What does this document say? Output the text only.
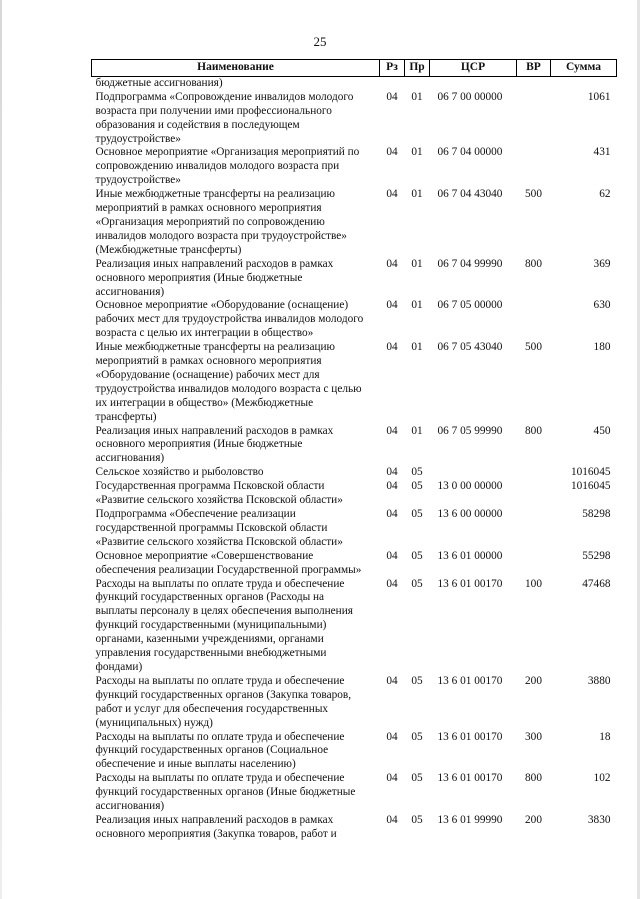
25
Наименование	Рз	Пр	ЦСР	ВР	Сумма
бюджетные ассигнования)					
Подпрограмма «Сопровождение инвалидов молодого возраста при получении ими профессионального образования и содействия в последующем трудоустройстве»	04	01	06 7 00 00000		1061
Основное мероприятие «Организация мероприятий по сопровождению инвалидов молодого возраста при трудоустройстве»	04	01	06 7 04 00000		431
Иные межбюджетные трансферты на реализацию мероприятий в рамках основного мероприятия «Организация мероприятий по сопровождению инвалидов молодого возраста при трудоустройстве» (Межбюджетные трансферты)	04	01	06 7 04 43040	500	62
Реализация иных направлений расходов в рамках основного мероприятия (Иные бюджетные ассигнования)	04	01	06 7 04 99990	800	369
Основное мероприятие «Оборудование (оснащение) рабочих мест для трудоустройства инвалидов молодого возраста с целью их интеграции в общество»	04	01	06 7 05 00000		630
Иные межбюджетные трансферты на реализацию мероприятий в рамках основного мероприятия «Оборудование (оснащение) рабочих мест для трудоустройства инвалидов молодого возраста с целью их интеграции в общество» (Межбюджетные трансферты)	04	01	06 7 05 43040	500	180
Реализация иных направлений расходов в рамках основного мероприятия (Иные бюджетные ассигнования)	04	01	06 7 05 99990	800	450
Сельское хозяйство и рыболовство	04	05			1016045
Государственная программа Псковской области «Развитие сельского хозяйства Псковской области»	04	05	13 0 00 00000		1016045
Подпрограмма «Обеспечение реализации государственной программы Псковской области «Развитие сельского хозяйства Псковской области»	04	05	13 6 00 00000		58298
Основное мероприятие «Совершенствование обеспечения реализации Государственной программы»	04	05	13 6 01 00000		55298
Расходы на выплаты по оплате труда и обеспечение функций государственных органов (Расходы на выплаты персоналу в целях обеспечения выполнения функций государственными (муниципальными) органами, казенными учреждениями, органами управления государственными внебюджетными фондами)	04	05	13 6 01 00170	100	47468
Расходы на выплаты по оплате труда и обеспечение функций государственных органов (Закупка товаров, работ и услуг для обеспечения государственных (муниципальных) нужд)	04	05	13 6 01 00170	200	3880
Расходы на выплаты по оплате труда и обеспечение функций государственных органов (Социальное обеспечение и иные выплаты населению)	04	05	13 6 01 00170	300	18
Расходы на выплаты по оплате труда и обеспечение функций государственных органов (Иные бюджетные ассигнования)	04	05	13 6 01 00170	800	102
Реализация иных направлений расходов в рамках основного мероприятия (Закупка товаров, работ и	04	05	13 6 01 99990	200	3830
